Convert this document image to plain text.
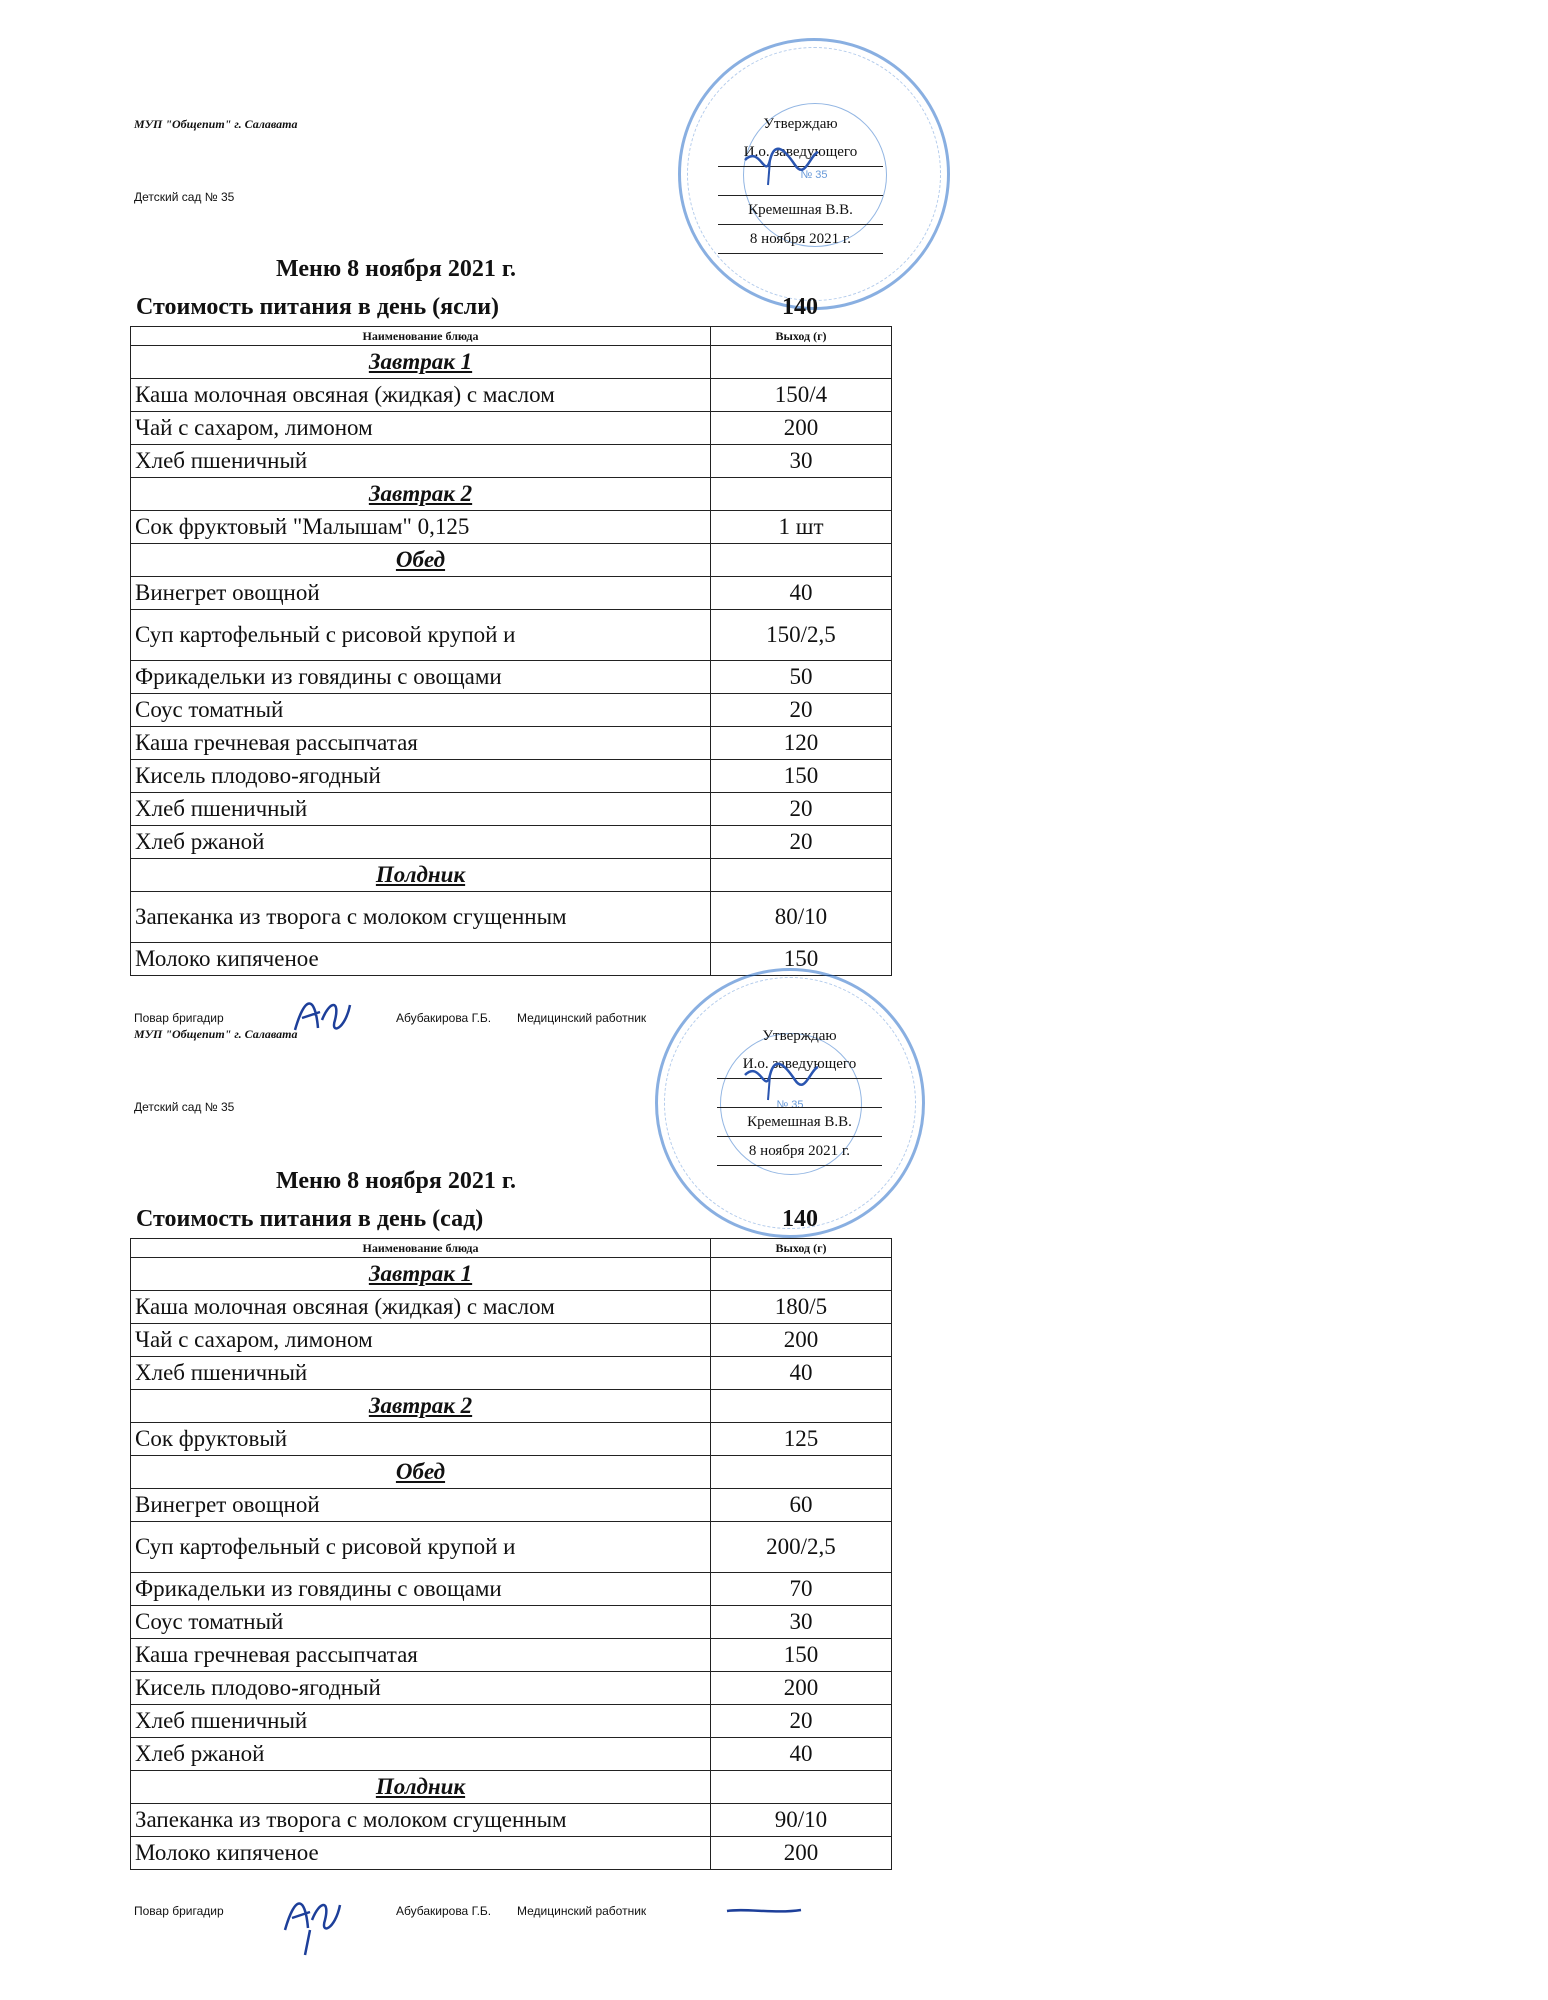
МУП "Общепит" г. Салавата
Детский сад № 35
№ 35
Утверждаю
И.о. заведующего
Кремешная В.В.
8 ноября 2021 г.
Меню 8 ноября 2021 г.
Стоимость питания в день (ясли)	140
Наименование блюда	Выход (г)
Завтрак 1	
Каша молочная овсяная (жидкая) с маслом	150/4
Чай с сахаром, лимоном	200
Хлеб пшеничный	30
Завтрак 2	
Сок фруктовый "Малышам" 0,125	1 шт
Обед	
Винегрет овощной	40
Суп картофельный с рисовой крупой и	150/2,5
Фрикадельки из говядины с овощами	50
Соус томатный	20
Каша гречневая рассыпчатая	120
Кисель плодово-ягодный	150
Хлеб пшеничный	20
Хлеб ржаной	20
Полдник	
Запеканка из творога с молоком сгущенным	80/10
Молоко кипяченое	150
Повар бригадир	Абубакирова Г.Б. Медицинский работник
МУП "Общепит" г. Салавата
Детский сад № 35	№ 35
Утверждаю
И.о. заведующего
Кремешная В.В.
8 ноября 2021 г.
Меню 8 ноября 2021 г.
Стоимость питания в день (сад)	140
Наименование блюда	Выход (г)
Завтрак 1	
Каша молочная овсяная (жидкая) с маслом	180/5
Чай с сахаром, лимоном	200
Хлеб пшеничный	40
Завтрак 2	
Сок фруктовый	125
Обед	
Винегрет овощной	60
Суп картофельный с рисовой крупой и	200/2,5
Фрикадельки из говядины с овощами	70
Соус томатный	30
Каша гречневая рассыпчатая	150
Кисель плодово-ягодный	200
Хлеб пшеничный	20
Хлеб ржаной	40
Полдник	
Запеканка из творога с молоком сгущенным	90/10
Молоко кипяченое	200
Повар бригадир	Абубакирова Г.Б. Медицинский работник
